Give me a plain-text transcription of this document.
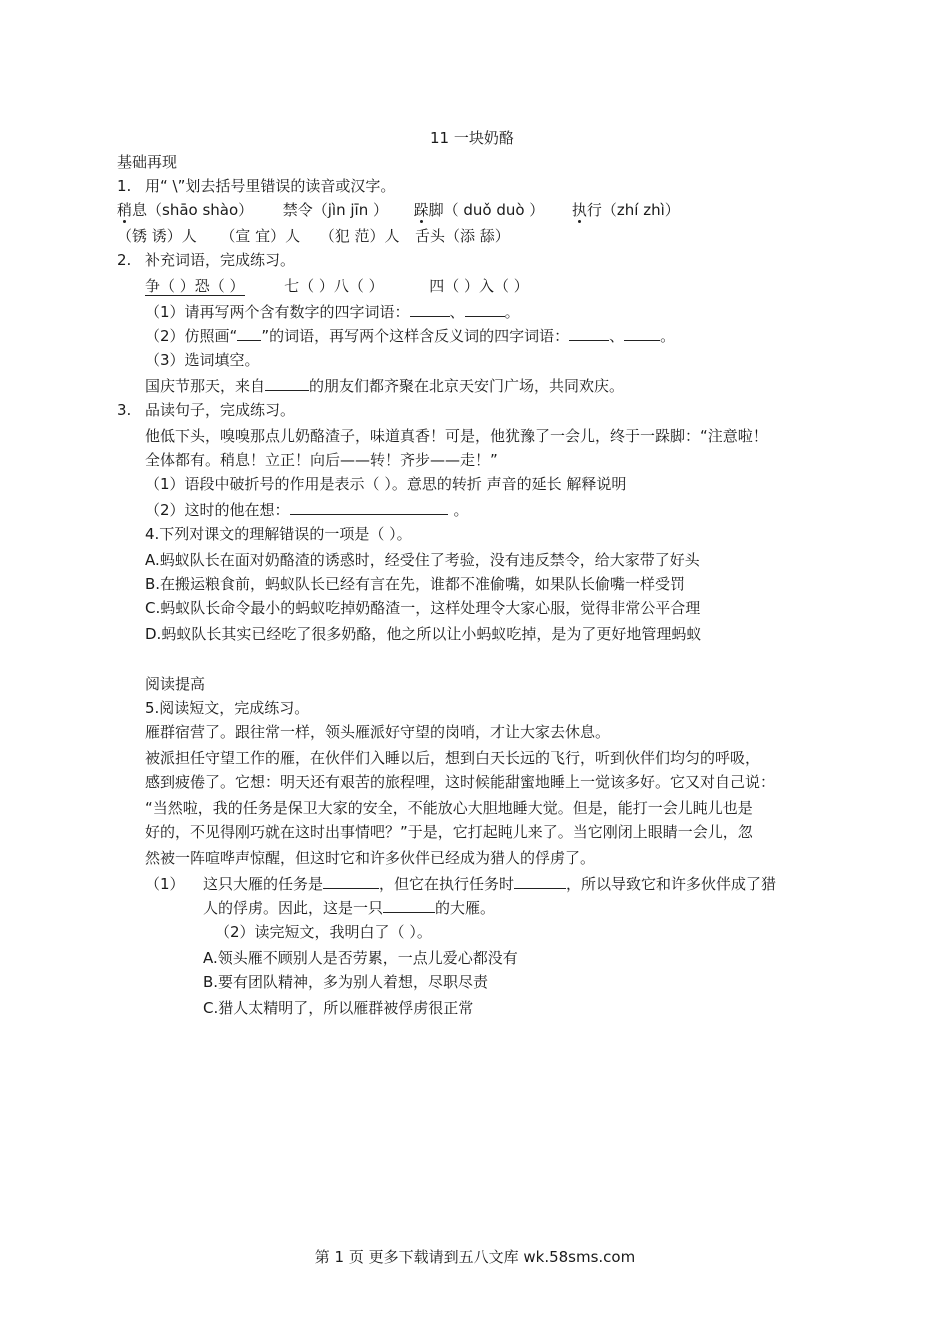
11 一块奶酪
基础再现
1. 用“ \”划去括号里错误的读音或汉字。
稍息（shāo shào） 禁令（jìn jīn ） 跺脚（ duǒ duò ） 执行（zhí zhì）
（锈 诱）人 （宣 宜）人 （犯 范）人 舌头（添 舔）
2. 补充词语，完成练习。
争（ ）恐（ ）	七（ ）八（ ）	四（ ）入（ ）
（1）请再写两个含有数字的四字词语：	、	。
（2）仿照画“ ”的词语，再写两个这样含反义词的四字词语：	、 。
（3）选词填空。
国庆节那天，来自	的朋友们都齐聚在北京天安门广场，共同欢庆。
3. 品读句子，完成练习。
他低下头，嗅嗅那点儿奶酪渣子，味道真香！可是，他犹豫了一会儿，终于一跺脚：“注意啦！
全体都有。稍息！立正！向后——转！齐步——走！”
（1）语段中破折号的作用是表示（ ）。意思的转折 声音的延长 解释说明
（2）这时的他在想：	。
4.下列对课文的理解错误的一项是（ ）。
A.蚂蚁队长在面对奶酪渣的诱惑时，经受住了考验，没有违反禁令，给大家带了好头
B.在搬运粮食前，蚂蚁队长已经有言在先，谁都不准偷嘴，如果队长偷嘴一样受罚
C.蚂蚁队长命令最小的蚂蚁吃掉奶酪渣一，这样处理令大家心服，觉得非常公平合理
D.蚂蚁队长其实已经吃了很多奶酪，他之所以让小蚂蚁吃掉，是为了更好地管理蚂蚁
阅读提高
5.阅读短文，完成练习。
雁群宿营了。跟往常一样，领头雁派好守望的岗哨，才让大家去休息。
被派担任守望工作的雁，在伙伴们入睡以后，想到白天长远的飞行，听到伙伴们均匀的呼吸，
感到疲倦了。它想：明天还有艰苦的旅程哩，这时候能甜蜜地睡上一觉该多好。它又对自己说：
“当然啦，我的任务是保卫大家的安全，不能放心大胆地睡大觉。但是，能打一会儿盹儿也是
好的，不见得刚巧就在这时出事情吧？”于是，它打起盹儿来了。当它刚闭上眼睛一会儿，忽
然被一阵喧哗声惊醒，但这时它和许多伙伴已经成为猎人的俘虏了。
（1） 这只大雁的任务是	，但它在执行任务时	，所以导致它和许多伙伴成了猎
人的俘虏。因此，这是一只	的大雁。
（2）读完短文，我明白了（ ）。
A.领头雁不顾别人是否劳累，一点儿爱心都没有
B.要有团队精神，多为别人着想，尽职尽责
C.猎人太精明了，所以雁群被俘虏很正常
第 1 页 更多下载请到五八文库 wk.58sms.com
